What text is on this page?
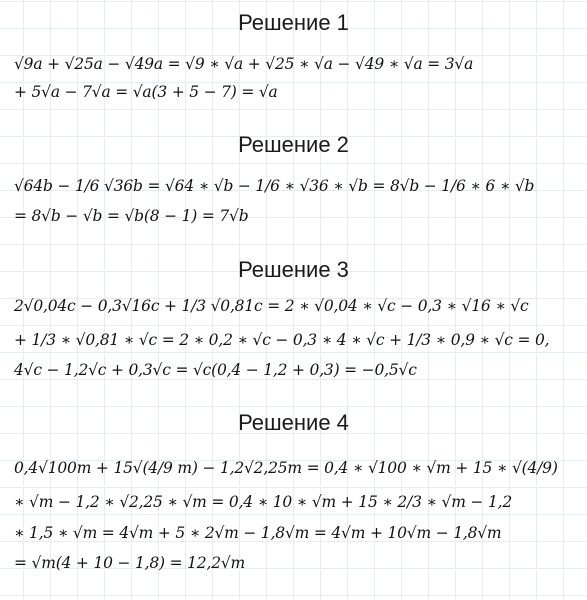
Решение 1
√9a + √25a − √49a = √9 ∗ √a + √25 ∗ √a − √49 ∗ √a = 3√a
+ 5√a − 7√a = √a(3 + 5 − 7) = √a
Решение 2
√64b − 1/6 √36b = √64 ∗ √b − 1/6 ∗ √36 ∗ √b = 8√b − 1/6 ∗ 6 ∗ √b
= 8√b − √b = √b(8 − 1) = 7√b
Решение 3
2√0,04c − 0,3√16c + 1/3 √0,81c = 2 ∗ √0,04 ∗ √c − 0,3 ∗ √16 ∗ √c
+ 1/3 ∗ √0,81 ∗ √c = 2 ∗ 0,2 ∗ √c − 0,3 ∗ 4 ∗ √c + 1/3 ∗ 0,9 ∗ √c = 0,
4√c − 1,2√c + 0,3√c = √c(0,4 − 1,2 + 0,3) = −0,5√c
Решение 4
0,4√100m + 15√(4/9 m) − 1,2√2,25m = 0,4 ∗ √100 ∗ √m + 15 ∗ √(4/9)
∗ √m − 1,2 ∗ √2,25 ∗ √m = 0,4 ∗ 10 ∗ √m + 15 ∗ 2/3 ∗ √m − 1,2
∗ 1,5 ∗ √m = 4√m + 5 ∗ 2√m − 1,8√m = 4√m + 10√m − 1,8√m
= √m(4 + 10 − 1,8) = 12,2√m
